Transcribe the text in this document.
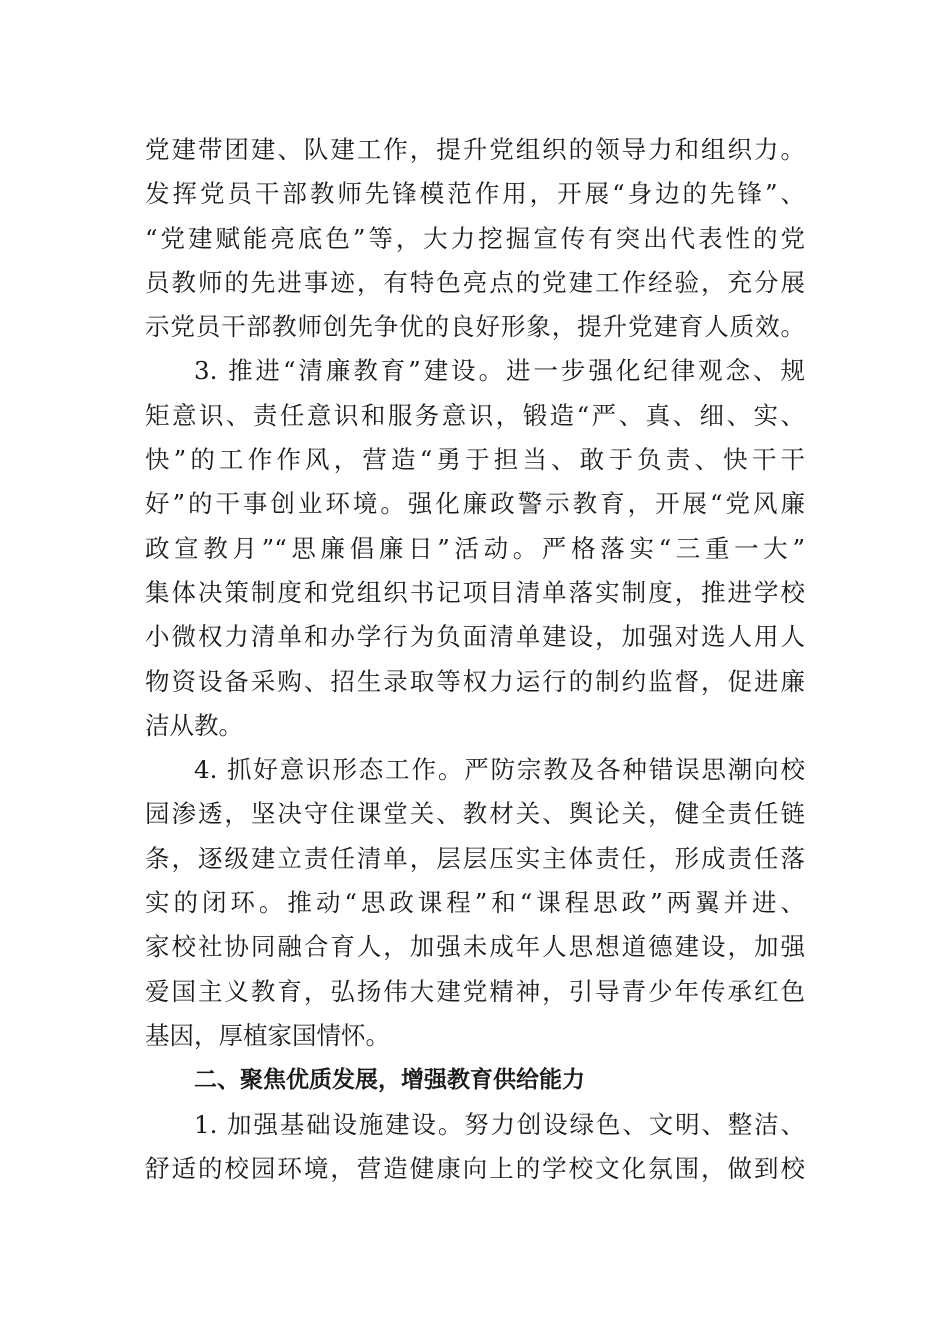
党建带团建、队建工作，提升党组织的领导力和组织力。
发挥党员干部教师先锋模范作用，开展“身边的先锋”、
“党建赋能亮底色”等，大力挖掘宣传有突出代表性的党
员教师的先进事迹，有特色亮点的党建工作经验，充分展
示党员干部教师创先争优的良好形象，提升党建育人质效。
3. 推进“清廉教育”建设。进一步强化纪律观念、规
矩意识、责任意识和服务意识，锻造“严、真、细、实、
快”的工作作风，营造“勇于担当、敢于负责、快干干
好”的干事创业环境。强化廉政警示教育，开展“党风廉
政宣教月”“思廉倡廉日”活动。严格落实“三重一大”
集体决策制度和党组织书记项目清单落实制度，推进学校
小微权力清单和办学行为负面清单建设，加强对选人用人
物资设备采购、招生录取等权力运行的制约监督，促进廉
洁从教。
4. 抓好意识形态工作。严防宗教及各种错误思潮向校
园渗透，坚决守住课堂关、教材关、舆论关，健全责任链
条，逐级建立责任清单，层层压实主体责任，形成责任落
实的闭环。推动“思政课程”和“课程思政”两翼并进、
家校社协同融合育人，加强未成年人思想道德建设，加强
爱国主义教育，弘扬伟大建党精神，引导青少年传承红色
基因，厚植家国情怀。
二、聚焦优质发展，增强教育供给能力
1. 加强基础设施建设。努力创设绿色、文明、整洁、
舒适的校园环境，营造健康向上的学校文化氛围，做到校
